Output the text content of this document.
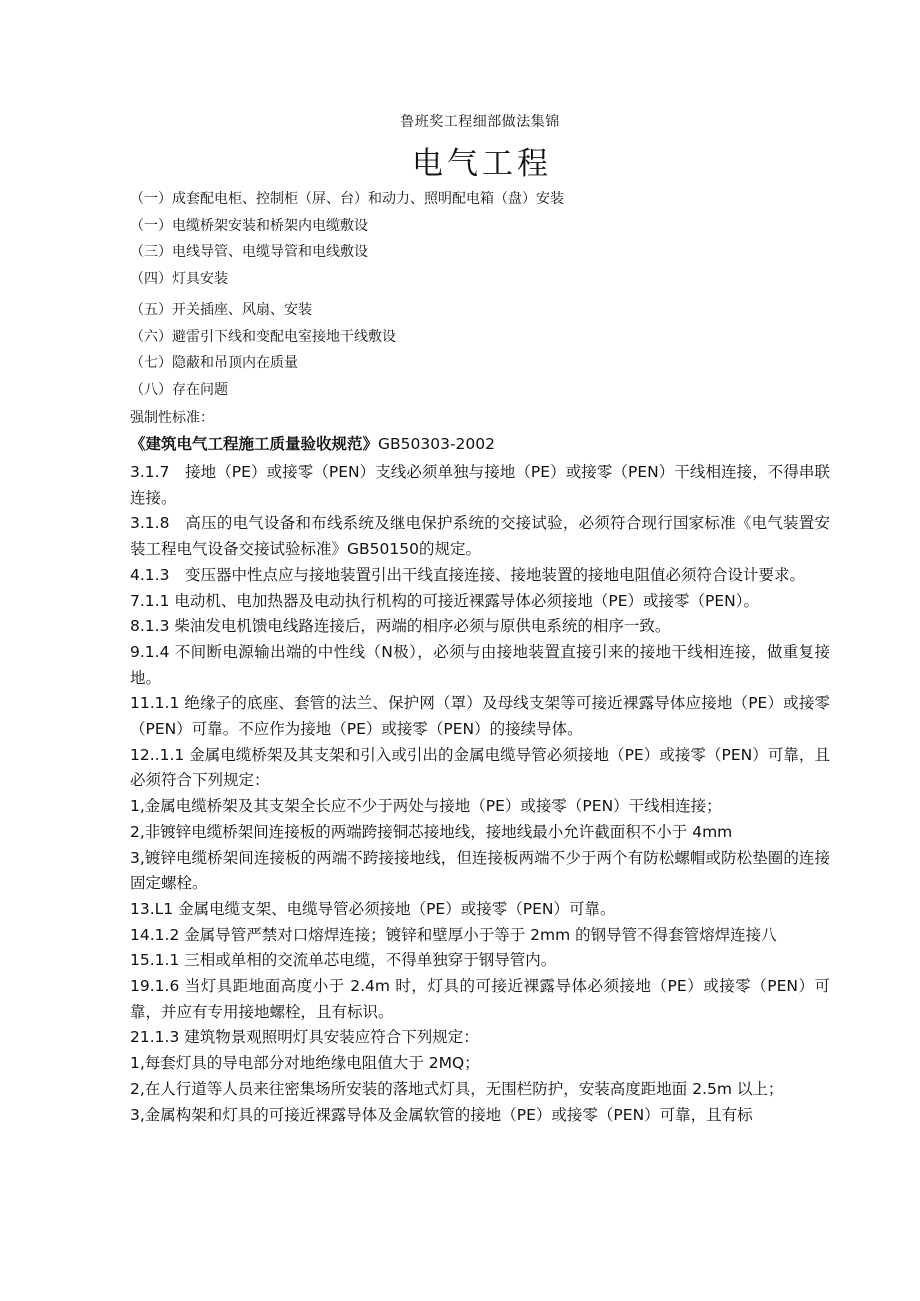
鲁班奖工程细部做法集锦
电气工程
（一）成套配电柜、控制柜（屏、台）和动力、照明配电箱（盘）安装
（一）电缆桥架安装和桥架内电缆敷设
（三）电线导管、电缆导管和电线敷设
（四）灯具安装
（五）开关插座、风扇、安装
（六）避雷引下线和变配电室接地干线敷设
（七）隐蔽和吊顶内在质量
（八）存在问题
强制性标准：
《建筑电气工程施工质量验收规范》GB50303-2002
3.1.7　接地（PE）或接零（PEN）支线必须单独与接地（PE）或接零（PEN）干线相连接，不得串联连接。
3.1.8　高压的电气设备和布线系统及继电保护系统的交接试验，必须符合现行国家标准《电气装置安装工程电气设备交接试验标准》GB50150的规定。
4.1.3　变压器中性点应与接地装置引出干线直接连接、接地装置的接地电阻值必须符合设计要求。
7.1.1 电动机、电加热器及电动执行机构的可接近裸露导体必须接地（PE）或接零（PEN）。
8.1.3 柴油发电机馈电线路连接后，两端的相序必须与原供电系统的相序一致。
9.1.4 不间断电源输出端的中性线（N极），必须与由接地装置直接引来的接地干线相连接，做重复接地。
11.1.1 绝缘子的底座、套管的法兰、保护网（罩）及母线支架等可接近裸露导体应接地（PE）或接零（PEN）可靠。不应作为接地（PE）或接零（PEN）的接续导体。
12..1.1 金属电缆桥架及其支架和引入或引出的金属电缆导管必须接地（PE）或接零（PEN）可靠，且必须符合下列规定：
1,金属电缆桥架及其支架全长应不少于两处与接地（PE）或接零（PEN）干线相连接；
2,非镀锌电缆桥架间连接板的两端跨接铜芯接地线，接地线最小允许截面积不小于 4mm
3,镀锌电缆桥架间连接板的两端不跨接接地线，但连接板两端不少于两个有防松螺帽或防松垫圈的连接固定螺栓。
13.L1 金属电缆支架、电缆导管必须接地（PE）或接零（PEN）可靠。
14.1.2 金属导管严禁对口熔焊连接；镀锌和壁厚小于等于 2mm 的钢导管不得套管熔焊连接八
15.1.1 三相或单相的交流单芯电缆，不得单独穿于钢导管内。
19.1.6 当灯具距地面高度小于 2.4m 时，灯具的可接近裸露导体必须接地（PE）或接零（PEN）可靠，并应有专用接地螺栓，且有标识。
21.1.3 建筑物景观照明灯具安装应符合下列规定：
1,每套灯具的导电部分对地绝缘电阻值大于 2MQ；
2,在人行道等人员来往密集场所安装的落地式灯具，无围栏防护，安装高度距地面 2.5m 以上；
3,金属构架和灯具的可接近裸露导体及金属软管的接地（PE）或接零（PEN）可靠，且有标
